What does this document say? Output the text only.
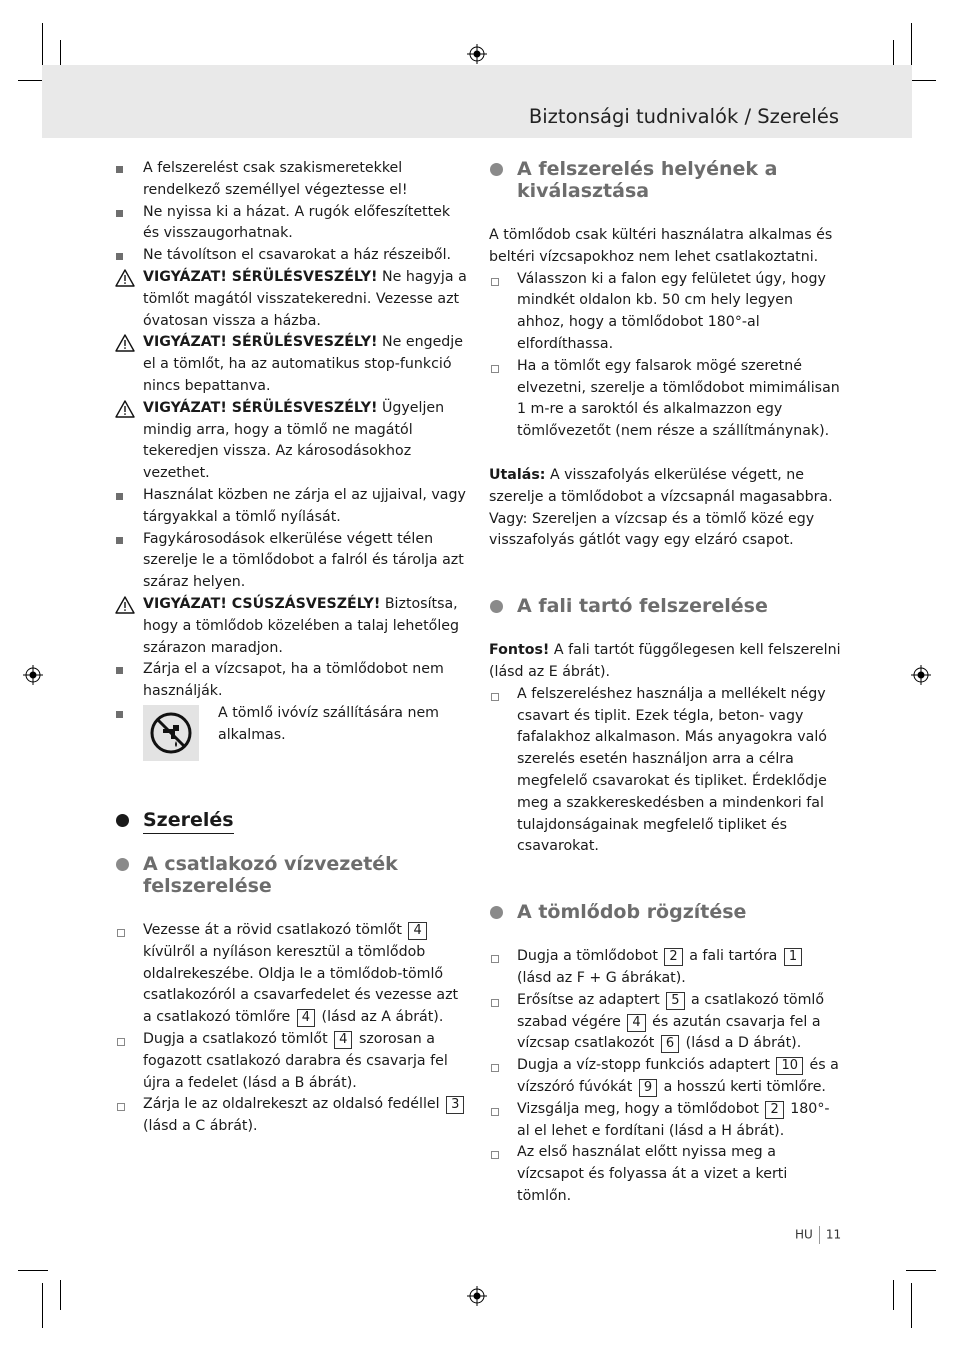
Biztonsági tudnivalók / Szerelés
A felszerelést csak szakismeretekkel rendelkező személlyel végeztesse el!
Ne nyissa ki a házat. A rugók előfeszítettek és visszaugorhatnak.
Ne távolítson el csavarokat a ház részeiből.
VIGYÁZAT! SÉRÜLÉSVESZÉLY! Ne hagyja a tömlőt magától visszatekeredni. Vezesse azt óvatosan vissza a házba.
VIGYÁZAT! SÉRÜLÉSVESZÉLY! Ne engedje el a tömlőt, ha az automatikus stop-funkció nincs bepattanva.
VIGYÁZAT! SÉRÜLÉSVESZÉLY! Ügyeljen mindig arra, hogy a tömlő ne magától tekeredjen vissza. Az károsodásokhoz vezethet.
Használat közben ne zárja el az ujjaival, vagy tárgyakkal a tömlő nyílását.
Fagykárosodások elkerülése végett télen szerelje le a tömlődobot a falról és tárolja azt száraz helyen.
VIGYÁZAT! CSÚSZÁSVESZÉLY! Biztosítsa, hogy a tömlődob közelében a talaj lehetőleg szárazon maradjon.
Zárja el a vízcsapot, ha a tömlődobot nem használják.
A tömlő ivóvíz szállítására nem alkalmas.
Szerelés
A csatlakozó vízvezeték felszerelése
Vezesse át a rövid csatlakozó tömlőt 4 kívülről a nyíláson keresztül a tömlődob oldalrekeszébe. Oldja le a tömlődob-tömlő csatlakozóról a csavarfedelet és vezesse azt a csatlakozó tömlőre 4 (lásd az A ábrát).
Dugja a csatlakozó tömlőt 4 szorosan a fogazott csatlakozó darabra és csavarja fel újra a fedelet (lásd a B ábrát).
Zárja le az oldalrekeszt az oldalsó fedéllel 3 (lásd a C ábrát).
A felszerelés helyének a kiválasztása
A tömlődob csak kültéri használatra alkalmas és beltéri vízcsapokhoz nem lehet csatlakoztatni.
Válasszon ki a falon egy felületet úgy, hogy mindkét oldalon kb. 50 cm hely legyen ahhoz, hogy a tömlődobot 180°-al elfordíthassa.
Ha a tömlőt egy falsarok mögé szeretné elvezetni, szerelje a tömlődobot mimimálisan 1 m-re a saroktól és alkalmazzon egy tömlővezetőt (nem része a szállítmánynak).
Utalás: A visszafolyás elkerülése végett, ne szerelje a tömlődobot a vízcsapnál magasabbra.
Vagy: Szereljen a vízcsap és a tömlő közé egy visszafolyás gátlót vagy egy elzáró csapot.
A fali tartó felszerelése
Fontos! A fali tartót függőlegesen kell felszerelni (lásd az E ábrát).
A felszereléshez használja a mellékelt négy csavart és tiplit. Ezek tégla, beton- vagy fafalakhoz alkalmason. Más anyagokra való szerelés esetén használjon arra a célra megfelelő csavarokat és tipliket. Érdeklődje meg a szakkereskedésben a mindenkori fal tulajdonságainak megfelelő tipliket és csavarokat.
A tömlődob rögzítése
Dugja a tömlődobot 2 a fali tartóra 1 (lásd az F + G ábrákat).
Erősítse az adaptert 5 a csatlakozó tömlő szabad végére 4 és azután csavarja fel a vízcsap csatlakozót 6 (lásd a D ábrát).
Dugja a víz-stopp funkciós adaptert 10 és a vízszóró fúvókát 9 a hosszú kerti tömlőre.
Vizsgálja meg, hogy a tömlődobot 2 180°-al el lehet e fordítani (lásd a H ábrát).
Az első használat előtt nyissa meg a vízcsapot és folyassa át a vizet a kerti tömlőn.
HU 11
